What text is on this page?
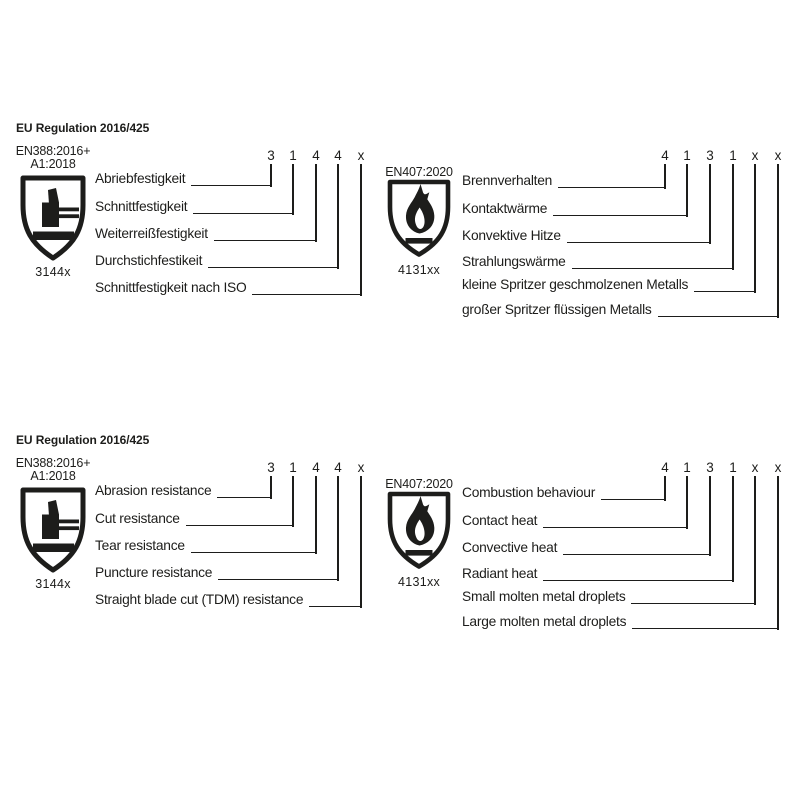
EU Regulation 2016/425
EN388:2016+
A1:2018
3144x
3	1	4	4	x
Abriebfestigkeit
Schnittfestigkeit
Weiterreißfestigkeit
Durchstichfestikeit
Schnittfestigkeit nach ISO
EN407:2020
4131xx
4	1	3	1	x	x
Brennverhalten
Kontaktwärme
Konvektive Hitze
Strahlungswärme
kleine Spritzer geschmolzenen Metalls
großer Spritzer flüssigen Metalls
EU Regulation 2016/425
EN388:2016+
A1:2018
3144x
3	1	4	4	x
Abrasion resistance
Cut resistance
Tear resistance
Puncture resistance
Straight blade cut (TDM) resistance
EN407:2020
4131xx
4	1	3	1	x	x
Combustion behaviour
Contact heat
Convective heat
Radiant heat
Small molten metal droplets
Large molten metal droplets
